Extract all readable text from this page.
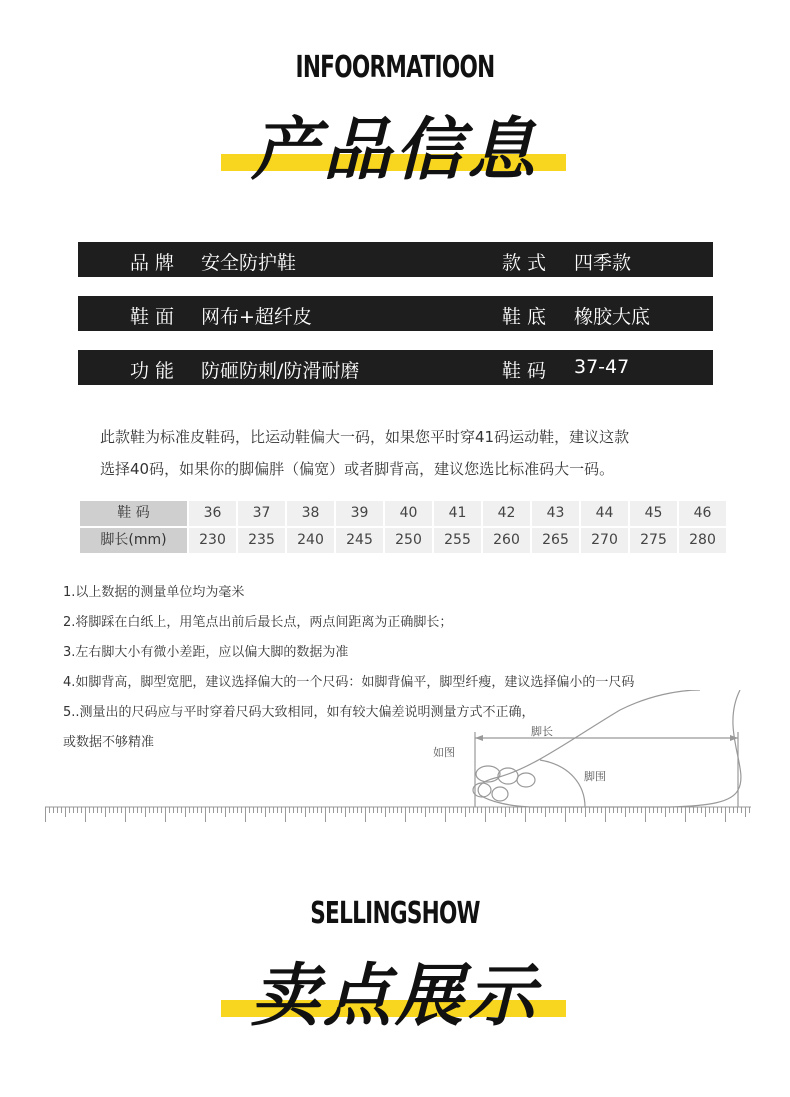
INFOORMATIOON
产品信息
品 牌 安全防护鞋	款 式 四季款
鞋 面 网布+超纤皮	鞋 底 橡胶大底
功 能 防砸防刺/防滑耐磨	鞋 码 37-47
此款鞋为标准皮鞋码，比运动鞋偏大一码，如果您平时穿41码运动鞋，建议这款
选择40码，如果你的脚偏胖（偏宽）或者脚背高，建议您选比标准码大一码。
鞋 码	36	37	38	39	40	41	42	43	44	45	46
脚长(mm)	230	235	240	245	250	255	260	265	270	275	280
1.以上数据的测量单位均为毫米
2.将脚踩在白纸上，用笔点出前后最长点，两点间距离为正确脚长；
3.左右脚大小有微小差距，应以偏大脚的数据为准
4.如脚背高，脚型宽肥，建议选择偏大的一个尺码：如脚背偏平，脚型纤瘦，建议选择偏小的一尺码
5..测量出的尺码应与平时穿着尺码大致相同，如有较大偏差说明测量方式不正确，
或数据不够精准
如图
脚长
脚围
SELLINGSHOW
卖点展示
